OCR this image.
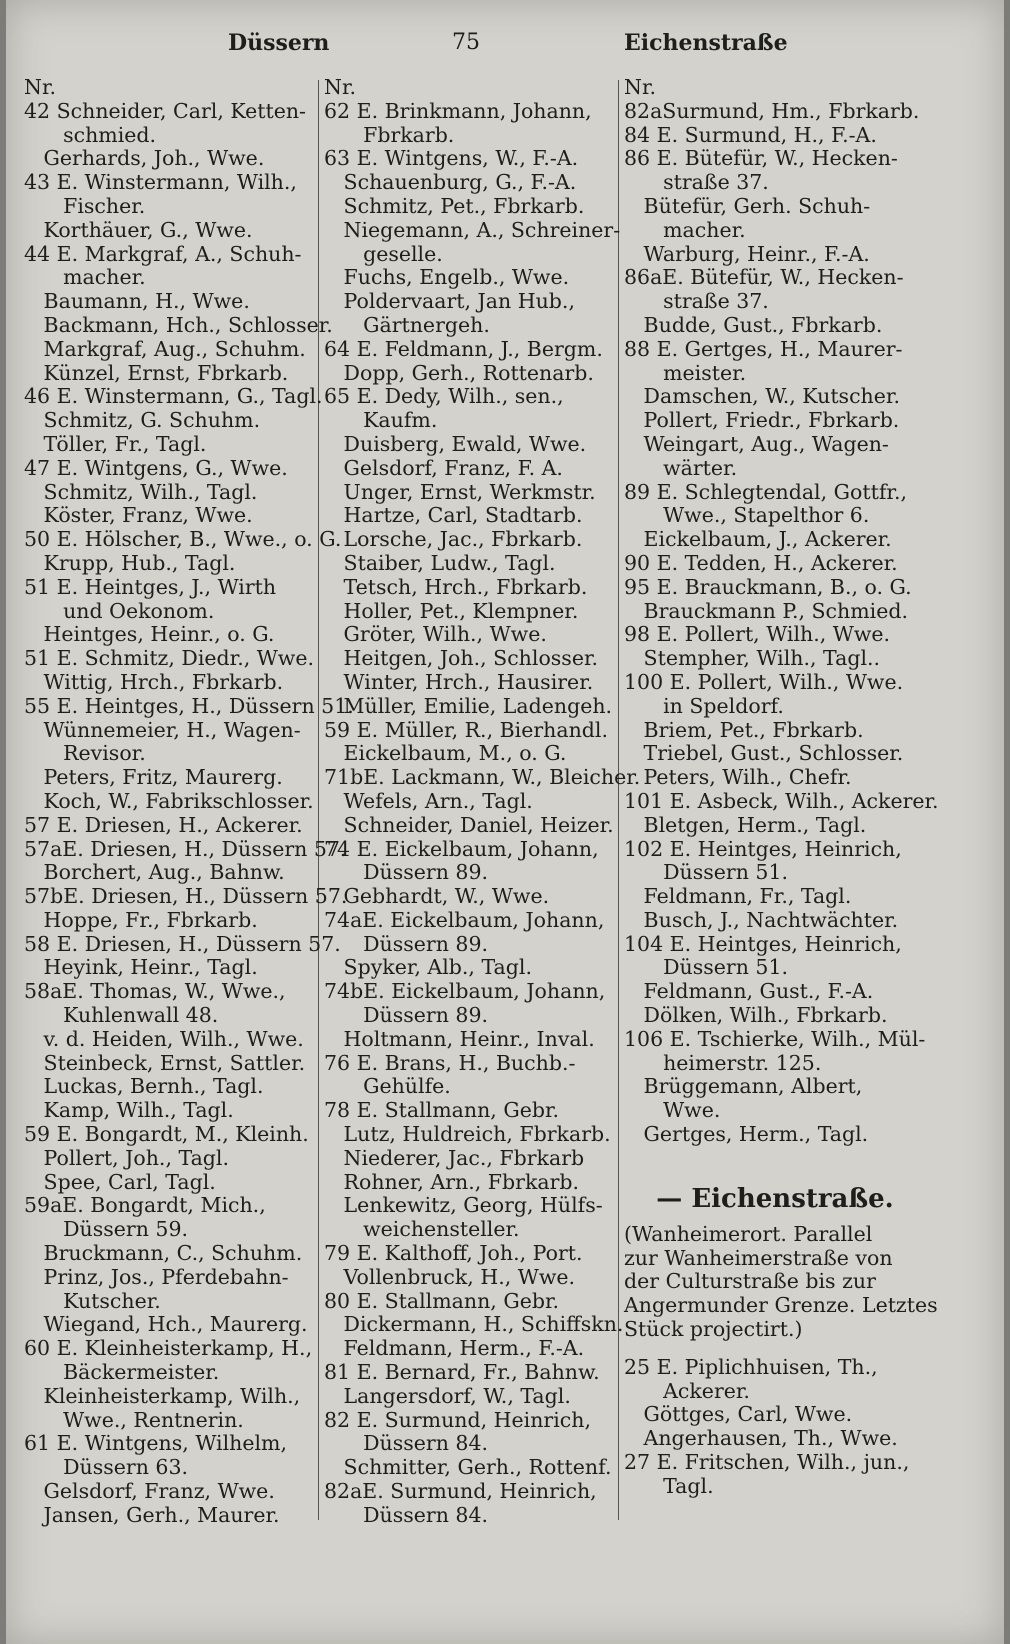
Düssern	75	Eichenstraße
Nr.
42 Schneider, Carl, Ketten-
schmied.
Gerhards, Joh., Wwe.
43 E. Winstermann, Wilh.,
Fischer.
Korthäuer, G., Wwe.
44 E. Markgraf, A., Schuh-
macher.
Baumann, H., Wwe.
Backmann, Hch., Schlosser.
Markgraf, Aug., Schuhm.
Künzel, Ernst, Fbrkarb.
46 E. Winstermann, G., Tagl.
Schmitz, G. Schuhm.
Töller, Fr., Tagl.
47 E. Wintgens, G., Wwe.
Schmitz, Wilh., Tagl.
Köster, Franz, Wwe.
50 E. Hölscher, B., Wwe., o. G.
Krupp, Hub., Tagl.
51 E. Heintges, J., Wirth
und Oekonom.
Heintges, Heinr., o. G.
51 E. Schmitz, Diedr., Wwe.
Wittig, Hrch., Fbrkarb.
55 E. Heintges, H., Düssern 51.
Wünnemeier, H., Wagen-
Revisor.
Peters, Fritz, Maurerg.
Koch, W., Fabrikschlosser.
57 E. Driesen, H., Ackerer.
57aE. Driesen, H., Düssern 57.
Borchert, Aug., Bahnw.
57bE. Driesen, H., Düssern 57.
Hoppe, Fr., Fbrkarb.
58 E. Driesen, H., Düssern 57.
Heyink, Heinr., Tagl.
58aE. Thomas, W., Wwe.,
Kuhlenwall 48.
v. d. Heiden, Wilh., Wwe.
Steinbeck, Ernst, Sattler.
Luckas, Bernh., Tagl.
Kamp, Wilh., Tagl.
59 E. Bongardt, M., Kleinh.
Pollert, Joh., Tagl.
Spee, Carl, Tagl.
59aE. Bongardt, Mich.,
Düssern 59.
Bruckmann, C., Schuhm.
Prinz, Jos., Pferdebahn-
Kutscher.
Wiegand, Hch., Maurerg.
60 E. Kleinheisterkamp, H.,
Bäckermeister.
Kleinheisterkamp, Wilh.,
Wwe., Rentnerin.
61 E. Wintgens, Wilhelm,
Düssern 63.
Gelsdorf, Franz, Wwe.
Jansen, Gerh., Maurer.
Nr.
62 E. Brinkmann, Johann,
Fbrkarb.
63 E. Wintgens, W., F.-A.
Schauenburg, G., F.-A.
Schmitz, Pet., Fbrkarb.
Niegemann, A., Schreiner-
geselle.
Fuchs, Engelb., Wwe.
Poldervaart, Jan Hub.,
Gärtnergeh.
64 E. Feldmann, J., Bergm.
Dopp, Gerh., Rottenarb.
65 E. Dedy, Wilh., sen.,
Kaufm.
Duisberg, Ewald, Wwe.
Gelsdorf, Franz, F. A.
Unger, Ernst, Werkmstr.
Hartze, Carl, Stadtarb.
Lorsche, Jac., Fbrkarb.
Staiber, Ludw., Tagl.
Tetsch, Hrch., Fbrkarb.
Holler, Pet., Klempner.
Gröter, Wilh., Wwe.
Heitgen, Joh., Schlosser.
Winter, Hrch., Hausirer.
Müller, Emilie, Ladengeh.
59 E. Müller, R., Bierhandl.
Eickelbaum, M., o. G.
71bE. Lackmann, W., Bleicher.
Wefels, Arn., Tagl.
Schneider, Daniel, Heizer.
74 E. Eickelbaum, Johann,
Düssern 89.
Gebhardt, W., Wwe.
74aE. Eickelbaum, Johann,
Düssern 89.
Spyker, Alb., Tagl.
74bE. Eickelbaum, Johann,
Düssern 89.
Holtmann, Heinr., Inval.
76 E. Brans, H., Buchb.-
Gehülfe.
78 E. Stallmann, Gebr.
Lutz, Huldreich, Fbrkarb.
Niederer, Jac., Fbrkarb
Rohner, Arn., Fbrkarb.
Lenkewitz, Georg, Hülfs-
weichensteller.
79 E. Kalthoff, Joh., Port.
Vollenbruck, H., Wwe.
80 E. Stallmann, Gebr.
Dickermann, H., Schiffskn.
Feldmann, Herm., F.-A.
81 E. Bernard, Fr., Bahnw.
Langersdorf, W., Tagl.
82 E. Surmund, Heinrich,
Düssern 84.
Schmitter, Gerh., Rottenf.
82aE. Surmund, Heinrich,
Düssern 84.
Nr.
82aSurmund, Hm., Fbrkarb.
84 E. Surmund, H., F.-A.
86 E. Bütefür, W., Hecken-
straße 37.
Bütefür, Gerh. Schuh-
macher.
Warburg, Heinr., F.-A.
86aE. Bütefür, W., Hecken-
straße 37.
Budde, Gust., Fbrkarb.
88 E. Gertges, H., Maurer-
meister.
Damschen, W., Kutscher.
Pollert, Friedr., Fbrkarb.
Weingart, Aug., Wagen-
wärter.
89 E. Schlegtendal, Gottfr.,
Wwe., Stapelthor 6.
Eickelbaum, J., Ackerer.
90 E. Tedden, H., Ackerer.
95 E. Brauckmann, B., o. G.
Brauckmann P., Schmied.
98 E. Pollert, Wilh., Wwe.
Stempher, Wilh., Tagl..
100 E. Pollert, Wilh., Wwe.
in Speldorf.
Briem, Pet., Fbrkarb.
Triebel, Gust., Schlosser.
Peters, Wilh., Chefr.
101 E. Asbeck, Wilh., Ackerer.
Bletgen, Herm., Tagl.
102 E. Heintges, Heinrich,
Düssern 51.
Feldmann, Fr., Tagl.
Busch, J., Nachtwächter.
104 E. Heintges, Heinrich,
Düssern 51.
Feldmann, Gust., F.-A.
Dölken, Wilh., Fbrkarb.
106 E. Tschierke, Wilh., Mül-
heimerstr. 125.
Brüggemann, Albert,
Wwe.
Gertges, Herm., Tagl.
— Eichenstraße.
(Wanheimerort. Parallel
zur Wanheimerstraße von
der Culturstraße bis zur
Angermunder Grenze. Letztes
Stück projectirt.)
25 E. Piplichhuisen, Th.,
Ackerer.
Göttges, Carl, Wwe.
Angerhausen, Th., Wwe.
27 E. Fritschen, Wilh., jun.,
Tagl.
